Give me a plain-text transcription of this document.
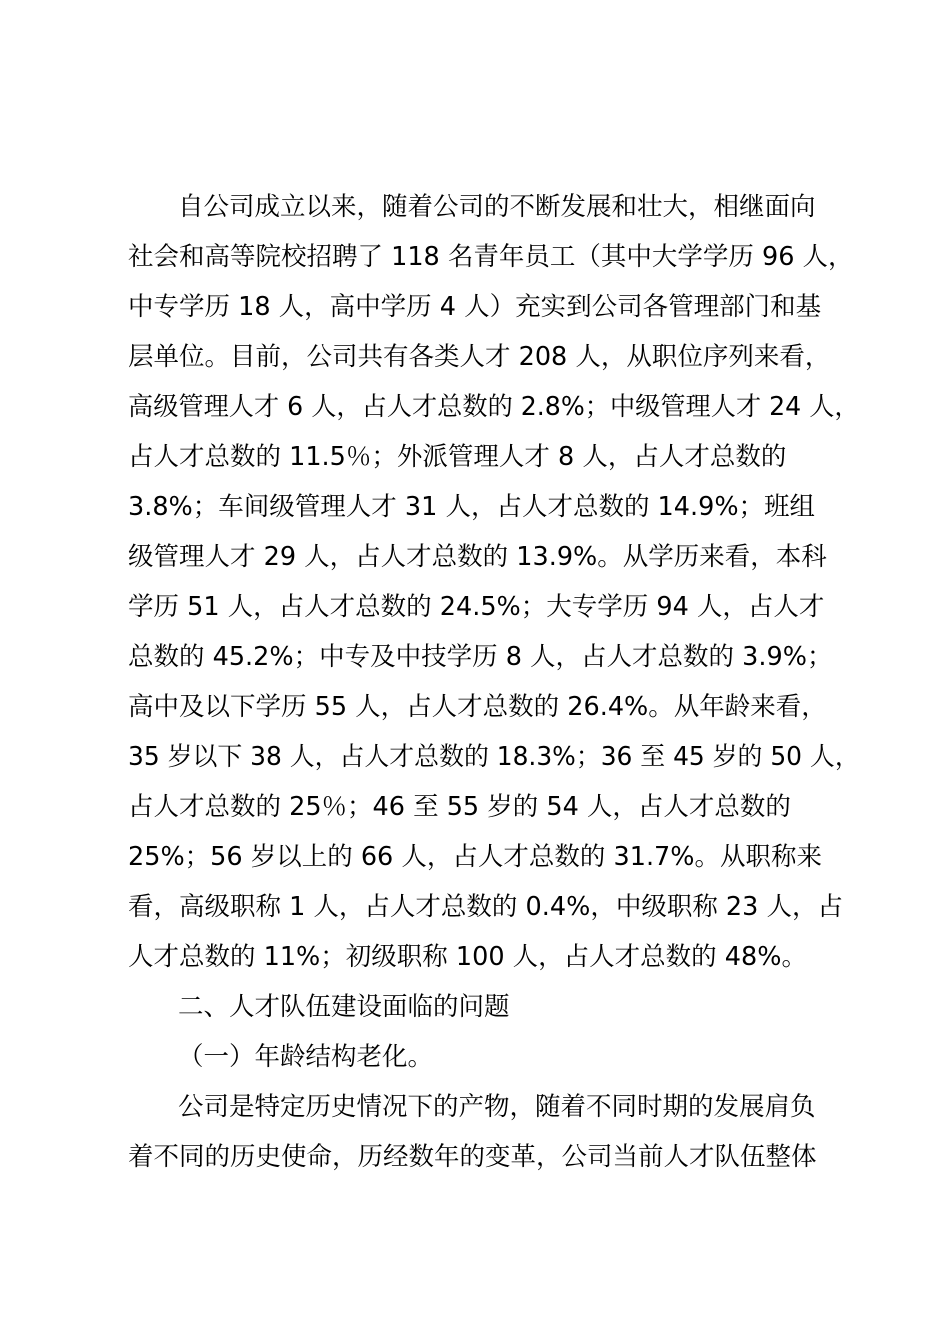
自公司成立以来，随着公司的不断发展和壮大，相继面向
社会和高等院校招聘了 118 名青年员工（其中大学学历 96 人，
中专学历 18 人，高中学历 4 人）充实到公司各管理部门和基
层单位。目前，公司共有各类人才 208 人，从职位序列来看，
高级管理人才 6 人，占人才总数的 2.8%；中级管理人才 24 人，
占人才总数的 11.5％；外派管理人才 8 人，占人才总数的
3.8%；车间级管理人才 31 人，占人才总数的 14.9%；班组
级管理人才 29 人，占人才总数的 13.9%。从学历来看，本科
学历 51 人，占人才总数的 24.5%；大专学历 94 人，占人才
总数的 45.2%；中专及中技学历 8 人，占人才总数的 3.9%；
高中及以下学历 55 人，占人才总数的 26.4%。从年龄来看，
35 岁以下 38 人，占人才总数的 18.3%；36 至 45 岁的 50 人，
占人才总数的 25％；46 至 55 岁的 54 人，占人才总数的
25%；56 岁以上的 66 人，占人才总数的 31.7%。从职称来
看，高级职称 1 人，占人才总数的 0.4%，中级职称 23 人，占
人才总数的 11%；初级职称 100 人，占人才总数的 48%。
二、人才队伍建设面临的问题
（一）年龄结构老化。
公司是特定历史情况下的产物，随着不同时期的发展肩负
着不同的历史使命，历经数年的变革，公司当前人才队伍整体
